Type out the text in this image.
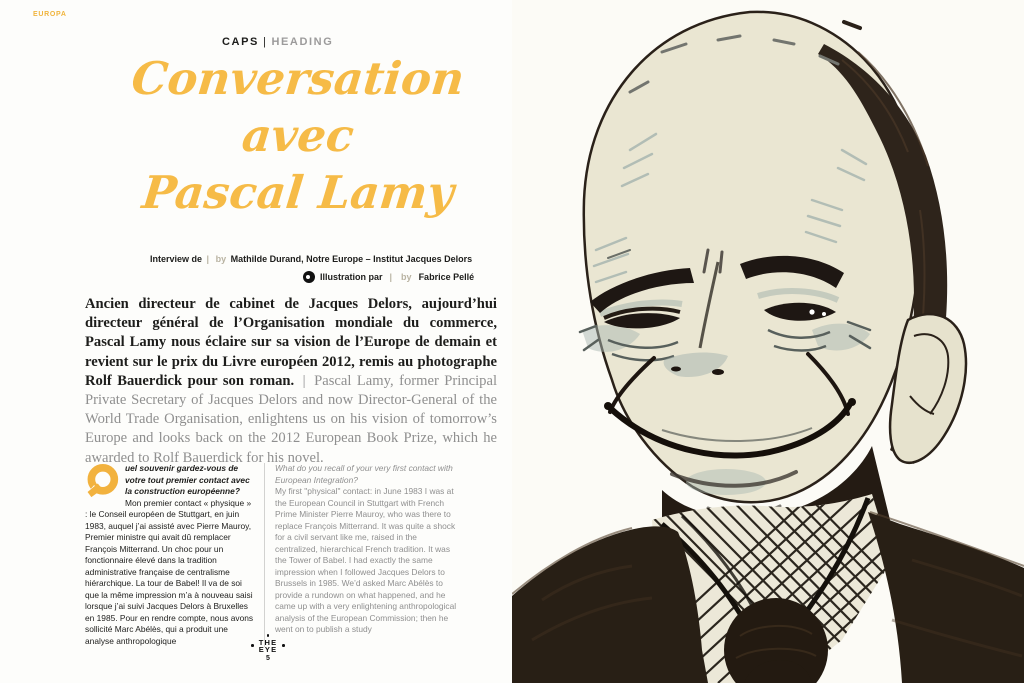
EUROPA
CAPS | HEADING
Conversation
avec
Pascal Lamy
Interview de | by Mathilde Durand, Notre Europe – Institut Jacques Delors
Illustration par | by Fabrice Pellé

Ancien directeur de cabinet de Jacques Delors, aujourd’hui directeur général de l’Organisation mondiale du commerce, Pascal Lamy nous éclaire sur sa vision de l’Europe de demain et revient sur le prix du Livre européen 2012, remis au photographe Rolf Bauerdick pour son roman. | Pascal Lamy, former Principal Private Secretary of Jacques Delors and now Director-General of the World Trade Organisation, enlightens us on his vision of tomorrow’s Europe and looks back on the 2012 European Book Prize, which he awarded to Rolf Bauerdick for his novel.

uel souvenir gardez-vous de votre tout premier contact avec la construction européenne?
Mon premier contact « physique » : le Conseil européen de Stuttgart, en juin 1983, auquel j’ai assisté avec Pierre Mauroy, Premier ministre qui avait dû remplacer François Mitterrand. Un choc pour un fonctionnaire élevé dans la tradition administrative française de centralisme hiérarchique. La tour de Babel! Il va de soi que la même impression m’a à nouveau saisi lorsque j’ai suivi Jacques Delors à Bruxelles en 1985. Pour en rendre compte, nous avons sollicité Marc Abélès, qui a produit une analyse anthropologique
What do you recall of your very first contact with European Integration?
My first "physical" contact: in June 1983 I was at the European Council in Stuttgart with French Prime Minister Pierre Mauroy, who was there to replace François Mitterrand. It was quite a shock for a civil servant like me, raised in the centralized, hierarchical French tradition. It was the Tower of Babel. I had exactly the same impression when I followed Jacques Delors to Brussels in 1985. We’d asked Marc Abélès to provide a rundown on what happened, and he came up with a very enlightening anthropological analysis of the European Commission; then he went on to publish a study
THE
EYE
5
